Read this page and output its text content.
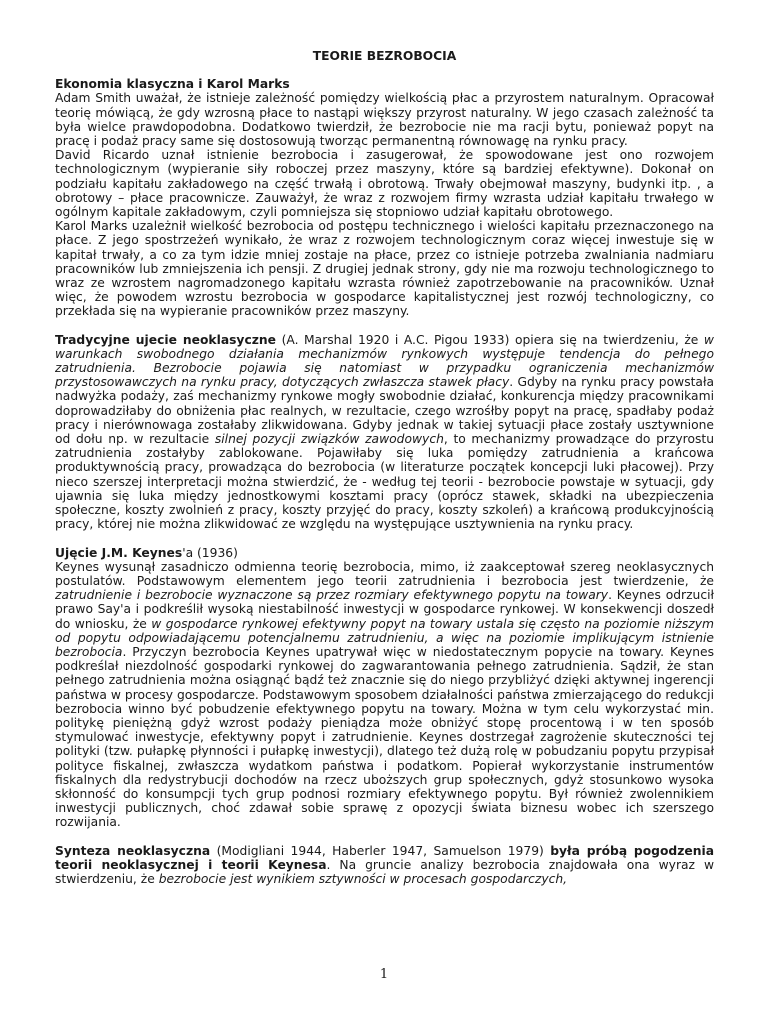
TEORIE BEZROBOCIA
Ekonomia klasyczna i Karol Marks

Adam Smith uważał, że istnieje zależność pomiędzy wielkością płac a przyrostem naturalnym. Opracował teorię mówiącą, że gdy wzrosną płace to nastąpi większy przyrost naturalny. W jego czasach zależność ta była wielce prawdopodobna. Dodatkowo twierdził, że bezrobocie nie ma racji bytu, ponieważ popyt na pracę i podaż pracy same się dostosowują tworząc permanentną równowagę na rynku pracy.

David Ricardo uznał istnienie bezrobocia i zasugerował, że spowodowane jest ono rozwojem technologicznym (wypieranie siły roboczej przez maszyny, które są bardziej efektywne). Dokonał on podziału kapitału zakładowego na część trwałą i obrotową. Trwały obejmował maszyny, budynki itp. , a obrotowy – płace pracownicze. Zauważył, że wraz z rozwojem firmy wzrasta udział kapitału trwałego w ogólnym kapitale zakładowym, czyli pomniejsza się stopniowo udział kapitału obrotowego.

Karol Marks uzależnił wielkość bezrobocia od postępu technicznego i wielości kapitału przeznaczonego na płace. Z jego spostrzeżeń wynikało, że wraz z rozwojem technologicznym coraz więcej inwestuje się w kapitał trwały, a co za tym idzie mniej zostaje na płace, przez co istnieje potrzeba zwalniania nadmiaru pracowników lub zmniejszenia ich pensji. Z drugiej jednak strony, gdy nie ma rozwoju technologicznego to wraz ze wzrostem nagromadzonego kapitału wzrasta również zapotrzebowanie na pracowników. Uznał więc, że powodem wzrostu bezrobocia w gospodarce kapitalistycznej jest rozwój technologiczny, co przekłada się na wypieranie pracowników przez maszyny.

Tradycyjne ujecie neoklasyczne (A. Marshal 1920 i A.C. Pigou 1933) opiera się na twierdzeniu, że w warunkach swobodnego działania mechanizmów rynkowych występuje tendencja do pełnego zatrudnienia. Bezrobocie pojawia się natomiast w przypadku ograniczenia mechanizmów przystosowawczych na rynku pracy, dotyczących zwłaszcza stawek płacy. Gdyby na rynku pracy powstała nadwyżka podaży, zaś mechanizmy rynkowe mogły swobodnie działać, konkurencja między pracownikami doprowadziłaby do obniżenia płac realnych, w rezultacie, czego wzrośłby popyt na pracę, spadłaby podaż pracy i nierównowaga zostałaby zlikwidowana. Gdyby jednak w takiej sytuacji płace zostały usztywnione od dołu np. w rezultacie silnej pozycji związków zawodowych, to mechanizmy prowadzące do przyrostu zatrudnienia zostałyby zablokowane. Pojawiłaby się luka pomiędzy zatrudnienia a krańcowa produktywnością pracy, prowadząca do bezrobocia (w literaturze początek koncepcji luki płacowej). Przy nieco szerszej interpretacji można stwierdzić, że - według tej teorii - bezrobocie powstaje w sytuacji, gdy ujawnia się luka między jednostkowymi kosztami pracy (oprócz stawek, składki na ubezpieczenia społeczne, koszty zwolnień z pracy, koszty przyjęć do pracy, koszty szkoleń) a krańcową produkcyjnością pracy, której nie można zlikwidować ze względu na występujące usztywnienia na rynku pracy.

Ujęcie J.M. Keynes'a (1936)

Keynes wysunął zasadniczo odmienna teorię bezrobocia, mimo, iż zaakceptował szereg neoklasycznych postulatów. Podstawowym elementem jego teorii zatrudnienia i bezrobocia jest twierdzenie, że zatrudnienie i bezrobocie wyznaczone są przez rozmiary efektywnego popytu na towary. Keynes odrzucił prawo Say'a i podkreślił wysoką niestabilność inwestycji w gospodarce rynkowej. W konsekwencji doszedł do wniosku, że w gospodarce rynkowej efektywny popyt na towary ustala się często na poziomie niższym od popytu odpowiadającemu potencjalnemu zatrudnieniu, a więc na poziomie implikującym istnienie bezrobocia. Przyczyn bezrobocia Keynes upatrywał więc w niedostatecznym popycie na towary. Keynes podkreślał niezdolność gospodarki rynkowej do zagwarantowania pełnego zatrudnienia. Sądził, że stan pełnego zatrudnienia można osiągnąć bądź też znacznie się do niego przybliżyć dzięki aktywnej ingerencji państwa w procesy gospodarcze. Podstawowym sposobem działalności państwa zmierzającego do redukcji bezrobocia winno być pobudzenie efektywnego popytu na towary. Można w tym celu wykorzystać min. politykę pieniężną gdyż wzrost podaży pieniądza może obniżyć stopę procentową i w ten sposób stymulować inwestycje, efektywny popyt i zatrudnienie. Keynes dostrzegał zagrożenie skuteczności tej polityki (tzw. pułapkę płynności i pułapkę inwestycji), dlatego też dużą rolę w pobudzaniu popytu przypisał polityce fiskalnej, zwłaszcza wydatkom państwa i podatkom. Popierał wykorzystanie instrumentów fiskalnych dla redystrybucji dochodów na rzecz uboższych grup społecznych, gdyż stosunkowo wysoka skłonność do konsumpcji tych grup podnosi rozmiary efektywnego popytu. Był również zwolennikiem inwestycji publicznych, choć zdawał sobie sprawę z opozycji świata biznesu wobec ich szerszego rozwijania.

Synteza neoklasyczna (Modigliani 1944, Haberler 1947, Samuelson 1979) była próbą pogodzenia teorii neoklasycznej i teorii Keynesa. Na gruncie analizy bezrobocia znajdowała ona wyraz w stwierdzeniu, że bezrobocie jest wynikiem sztywności w procesach gospodarczych,

1
